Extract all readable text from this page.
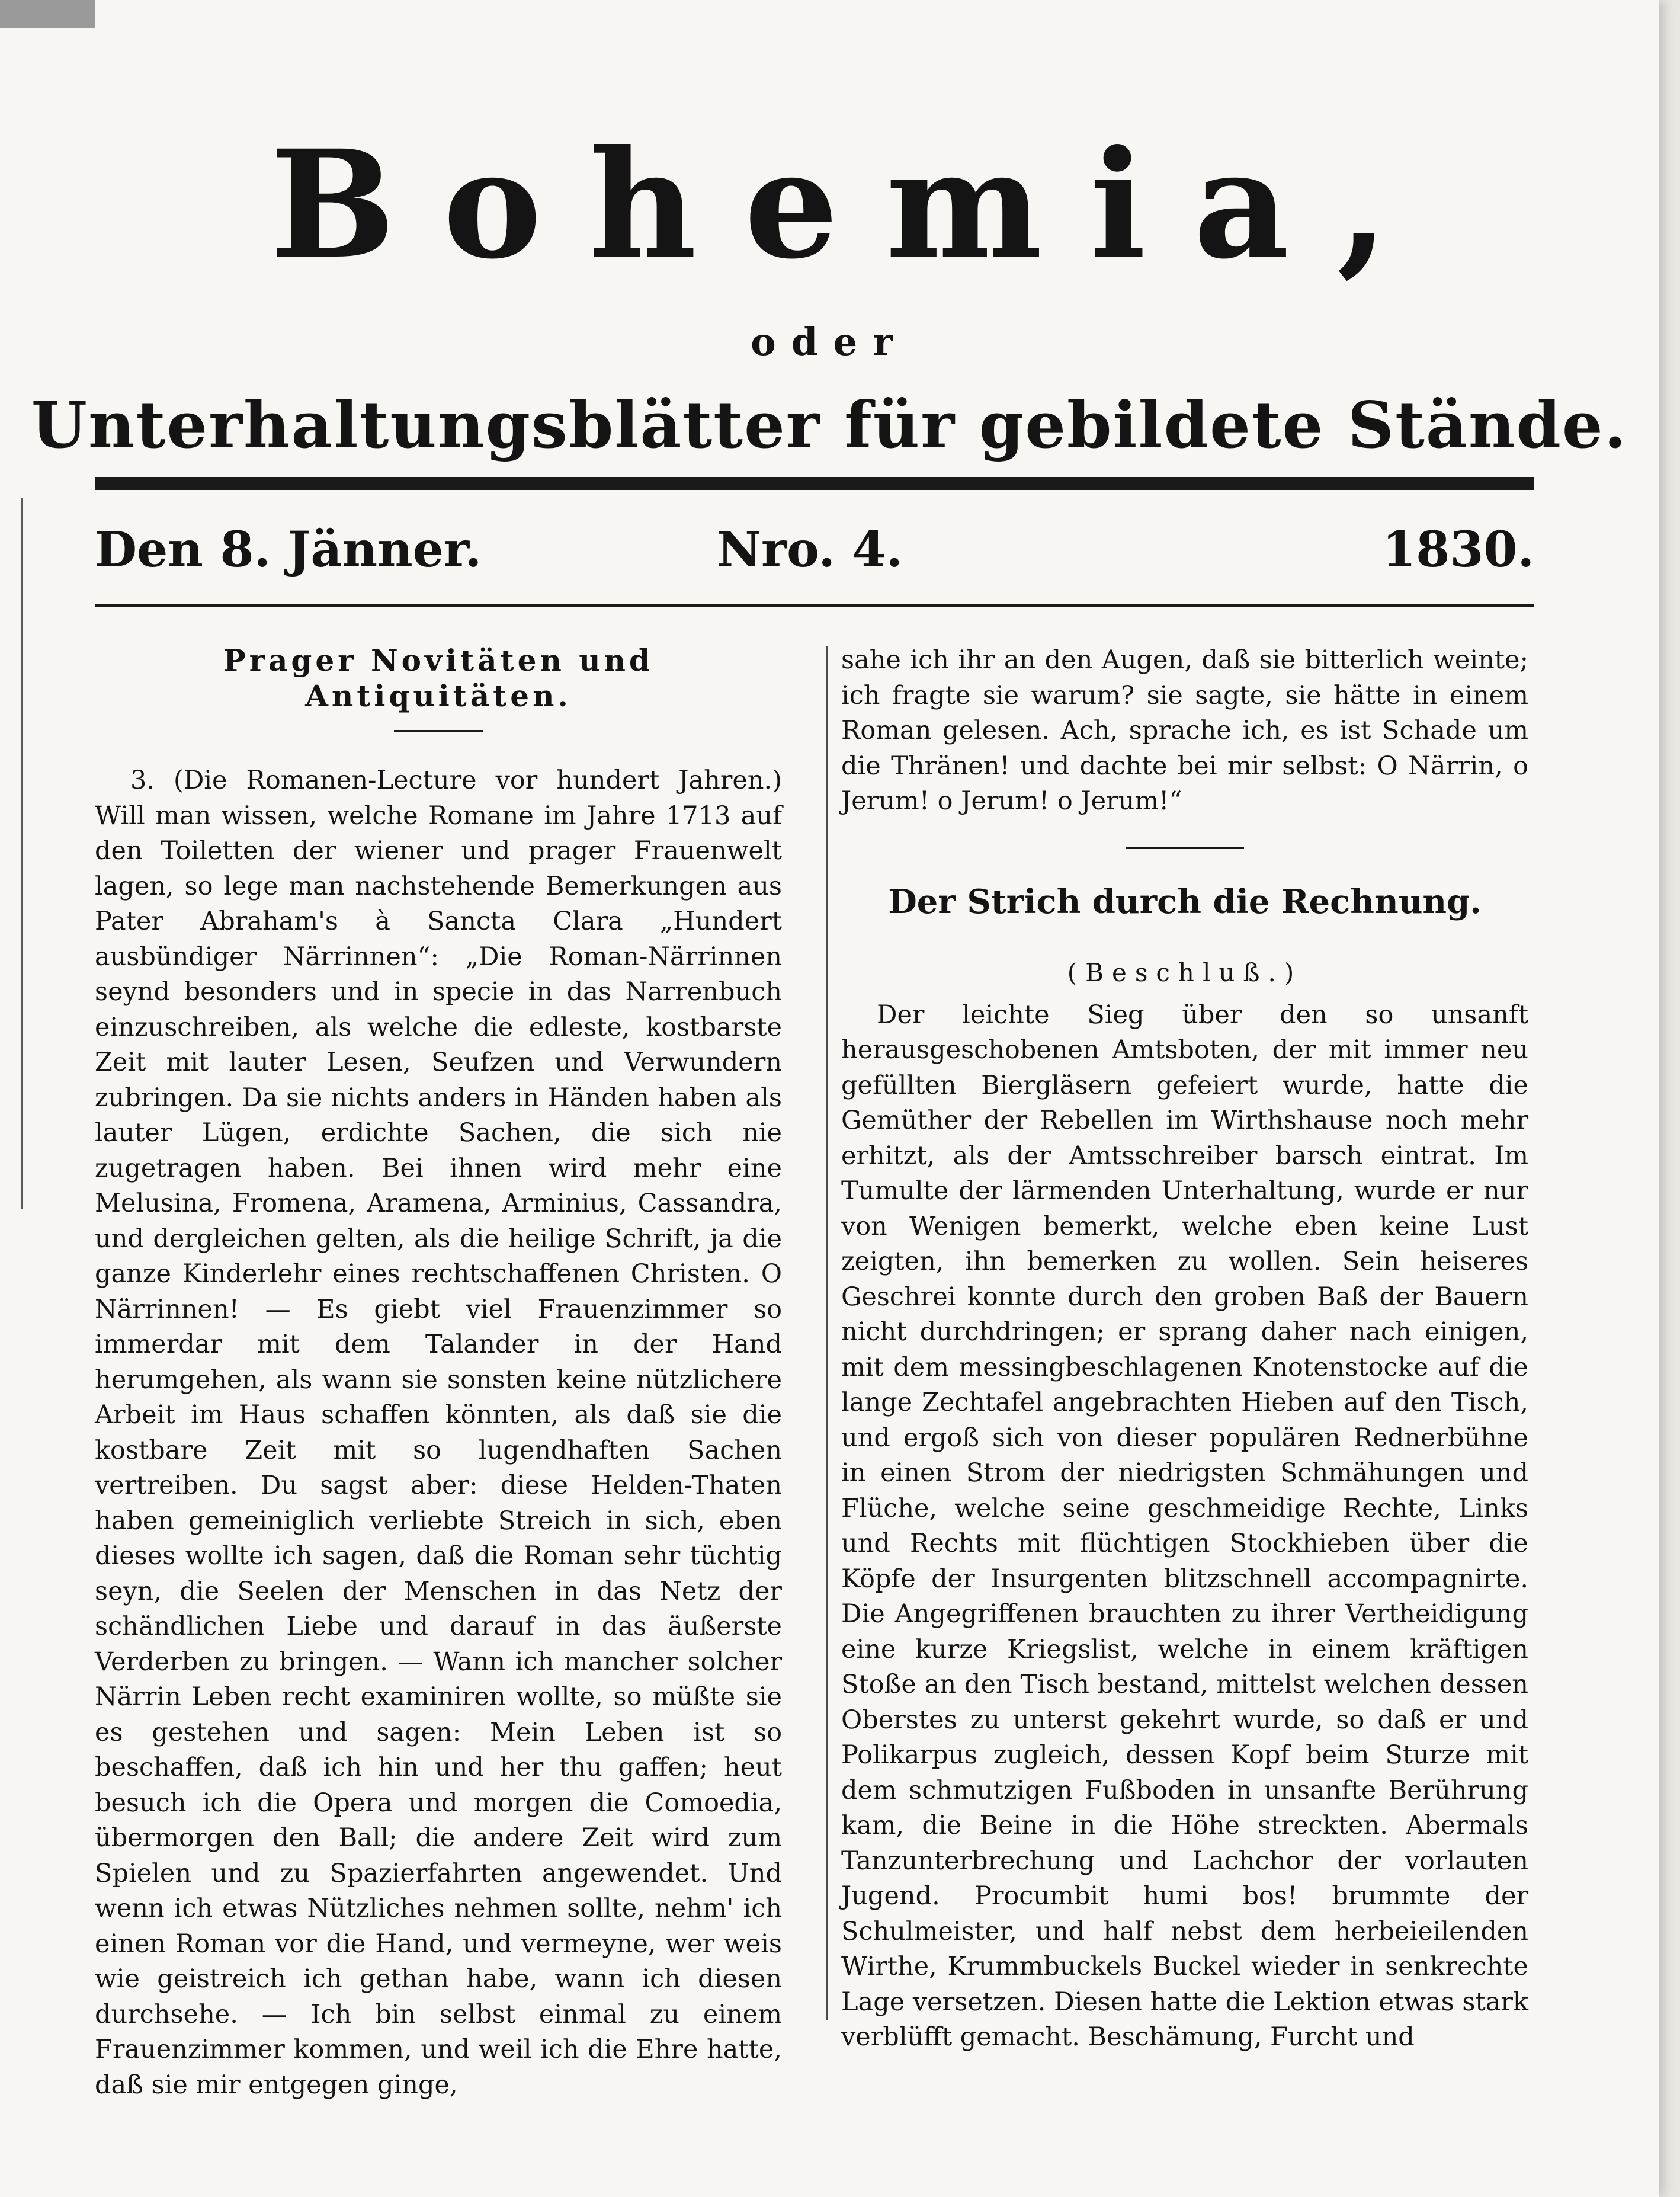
Bohemia,
oder
Unterhaltungsblätter für gebildete Stände.
Den 8. Jänner.	Nro. 4.	1830.
Prager Novitäten und Antiquitäten.

3. (Die Romanen-Lecture vor hundert Jahren.) Will man wissen, welche Romane im Jahre 1713 auf den Toiletten der wiener und prager Frauenwelt lagen, so lege man nachstehende Bemerkungen aus Pater Abraham's à Sancta Clara „Hundert ausbündiger Närrinnen“: „Die Roman-Närrinnen seynd besonders und in specie in das Narrenbuch einzuschreiben, als welche die edleste, kostbarste Zeit mit lauter Lesen, Seufzen und Verwundern zubringen. Da sie nichts anders in Händen haben als lauter Lügen, erdichte Sachen, die sich nie zugetragen haben. Bei ihnen wird mehr eine Melusina, Fromena, Aramena, Arminius, Cassandra, und dergleichen gelten, als die heilige Schrift, ja die ganze Kinderlehr eines rechtschaffenen Christen. O Närrinnen! — Es giebt viel Frauenzimmer so immerdar mit dem Talander in der Hand herumgehen, als wann sie sonsten keine nützlichere Arbeit im Haus schaffen könnten, als daß sie die kostbare Zeit mit so lugendhaften Sachen vertreiben. Du sagst aber: diese Helden-Thaten haben gemeiniglich verliebte Streich in sich, eben dieses wollte ich sagen, daß die Roman sehr tüchtig seyn, die Seelen der Menschen in das Netz der schändlichen Liebe und darauf in das äußerste Verderben zu bringen. — Wann ich mancher solcher Närrin Leben recht examiniren wollte, so müßte sie es gestehen und sagen: Mein Leben ist so beschaffen, daß ich hin und her thu gaffen; heut besuch ich die Opera und morgen die Comoedia, übermorgen den Ball; die andere Zeit wird zum Spielen und zu Spazierfahrten angewendet. Und wenn ich etwas Nützliches nehmen sollte, nehm' ich einen Roman vor die Hand, und vermeyne, wer weis wie geistreich ich gethan habe, wann ich diesen durchsehe. — Ich bin selbst einmal zu einem Frauenzimmer kommen, und weil ich die Ehre hatte, daß sie mir entgegen ginge,

sahe ich ihr an den Augen, daß sie bitterlich weinte; ich fragte sie warum? sie sagte, sie hätte in einem Roman gelesen. Ach, sprache ich, es ist Schade um die Thränen! und dachte bei mir selbst: O Närrin, o Jerum! o Jerum! o Jerum!“

Der Strich durch die Rechnung.
(Beschluß.)

Der leichte Sieg über den so unsanft herausgeschobenen Amtsboten, der mit immer neu gefüllten Biergläsern gefeiert wurde, hatte die Gemüther der Rebellen im Wirthshause noch mehr erhitzt, als der Amtsschreiber barsch eintrat. Im Tumulte der lärmenden Unterhaltung, wurde er nur von Wenigen bemerkt, welche eben keine Lust zeigten, ihn bemerken zu wollen. Sein heiseres Geschrei konnte durch den groben Baß der Bauern nicht durchdringen; er sprang daher nach einigen, mit dem messingbeschlagenen Knotenstocke auf die lange Zechtafel angebrachten Hieben auf den Tisch, und ergoß sich von dieser populären Rednerbühne in einen Strom der niedrigsten Schmähungen und Flüche, welche seine geschmeidige Rechte, Links und Rechts mit flüchtigen Stockhieben über die Köpfe der Insurgenten blitzschnell accompagnirte. Die Angegriffenen brauchten zu ihrer Vertheidigung eine kurze Kriegslist, welche in einem kräftigen Stoße an den Tisch bestand, mittelst welchen dessen Oberstes zu unterst gekehrt wurde, so daß er und Polikarpus zugleich, dessen Kopf beim Sturze mit dem schmutzigen Fußboden in unsanfte Berührung kam, die Beine in die Höhe streckten. Abermals Tanzunterbrechung und Lachchor der vorlauten Jugend. Procumbit humi bos! brummte der Schulmeister, und half nebst dem herbeieilenden Wirthe, Krummbuckels Buckel wieder in senkrechte Lage versetzen. Diesen hatte die Lektion etwas stark verblüfft gemacht. Beschämung, Furcht und
